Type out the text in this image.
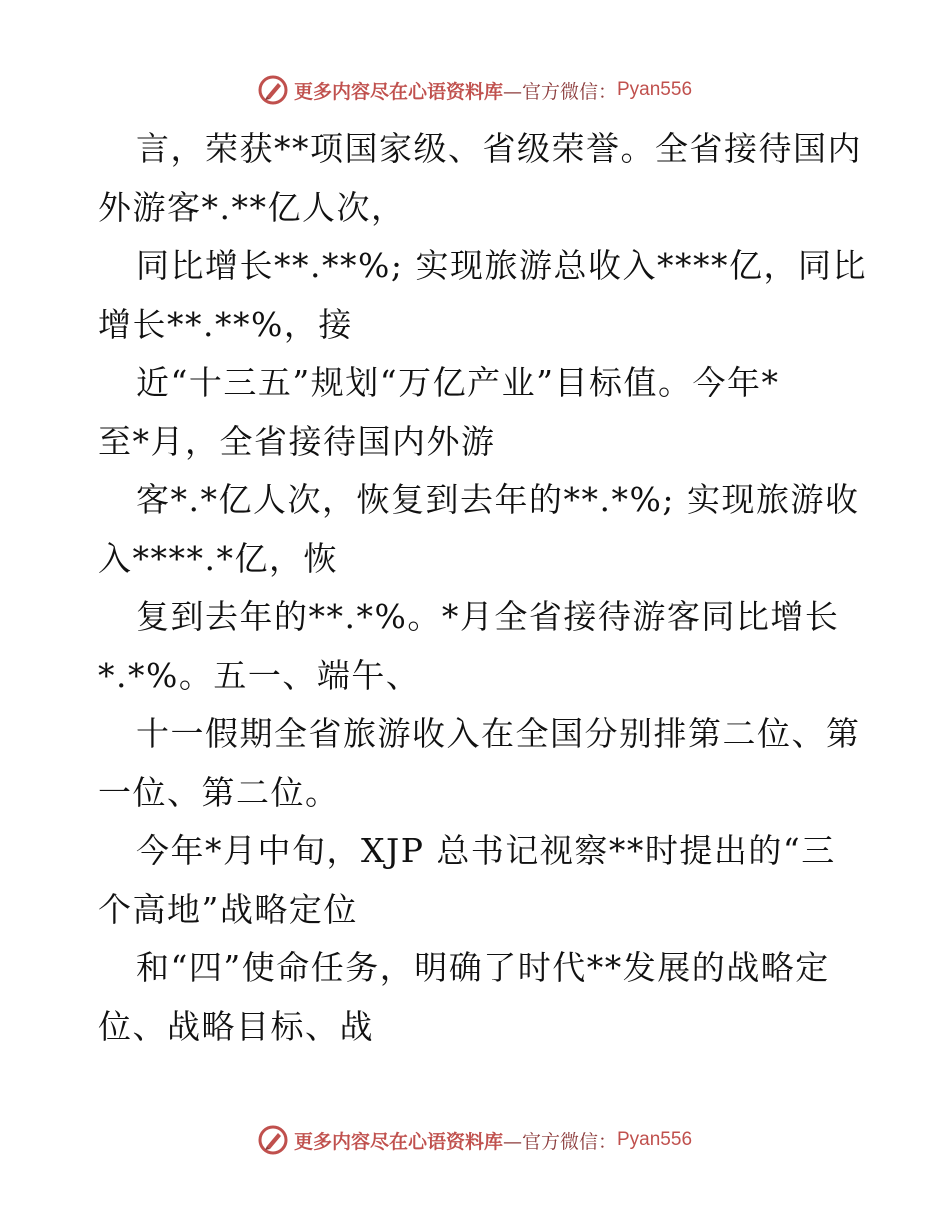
更多内容尽在心语资料库 —官方微信： Pyan556

言，荣获**项国家级、省级荣誉。全省接待国内
外游客*.**亿人次，

同比增长**.**%; 实现旅游总收入****亿，同比
增长**.**%，接

近“十三五”规划“万亿产业”目标值。今年*
至*月，全省接待国内外游

客*.*亿人次，恢复到去年的**.*%; 实现旅游收
入****.*亿，恢

复到去年的**.*%。*月全省接待游客同比增长
*.*%。五一、端午、

十一假期全省旅游收入在全国分别排第二位、第
一位、第二位。

今年*月中旬，XJP 总书记视察**时提出的“三
个高地”战略定位

和“四”使命任务，明确了时代**发展的战略定
位、战略目标、战

更多内容尽在心语资料库 —官方微信： Pyan556
